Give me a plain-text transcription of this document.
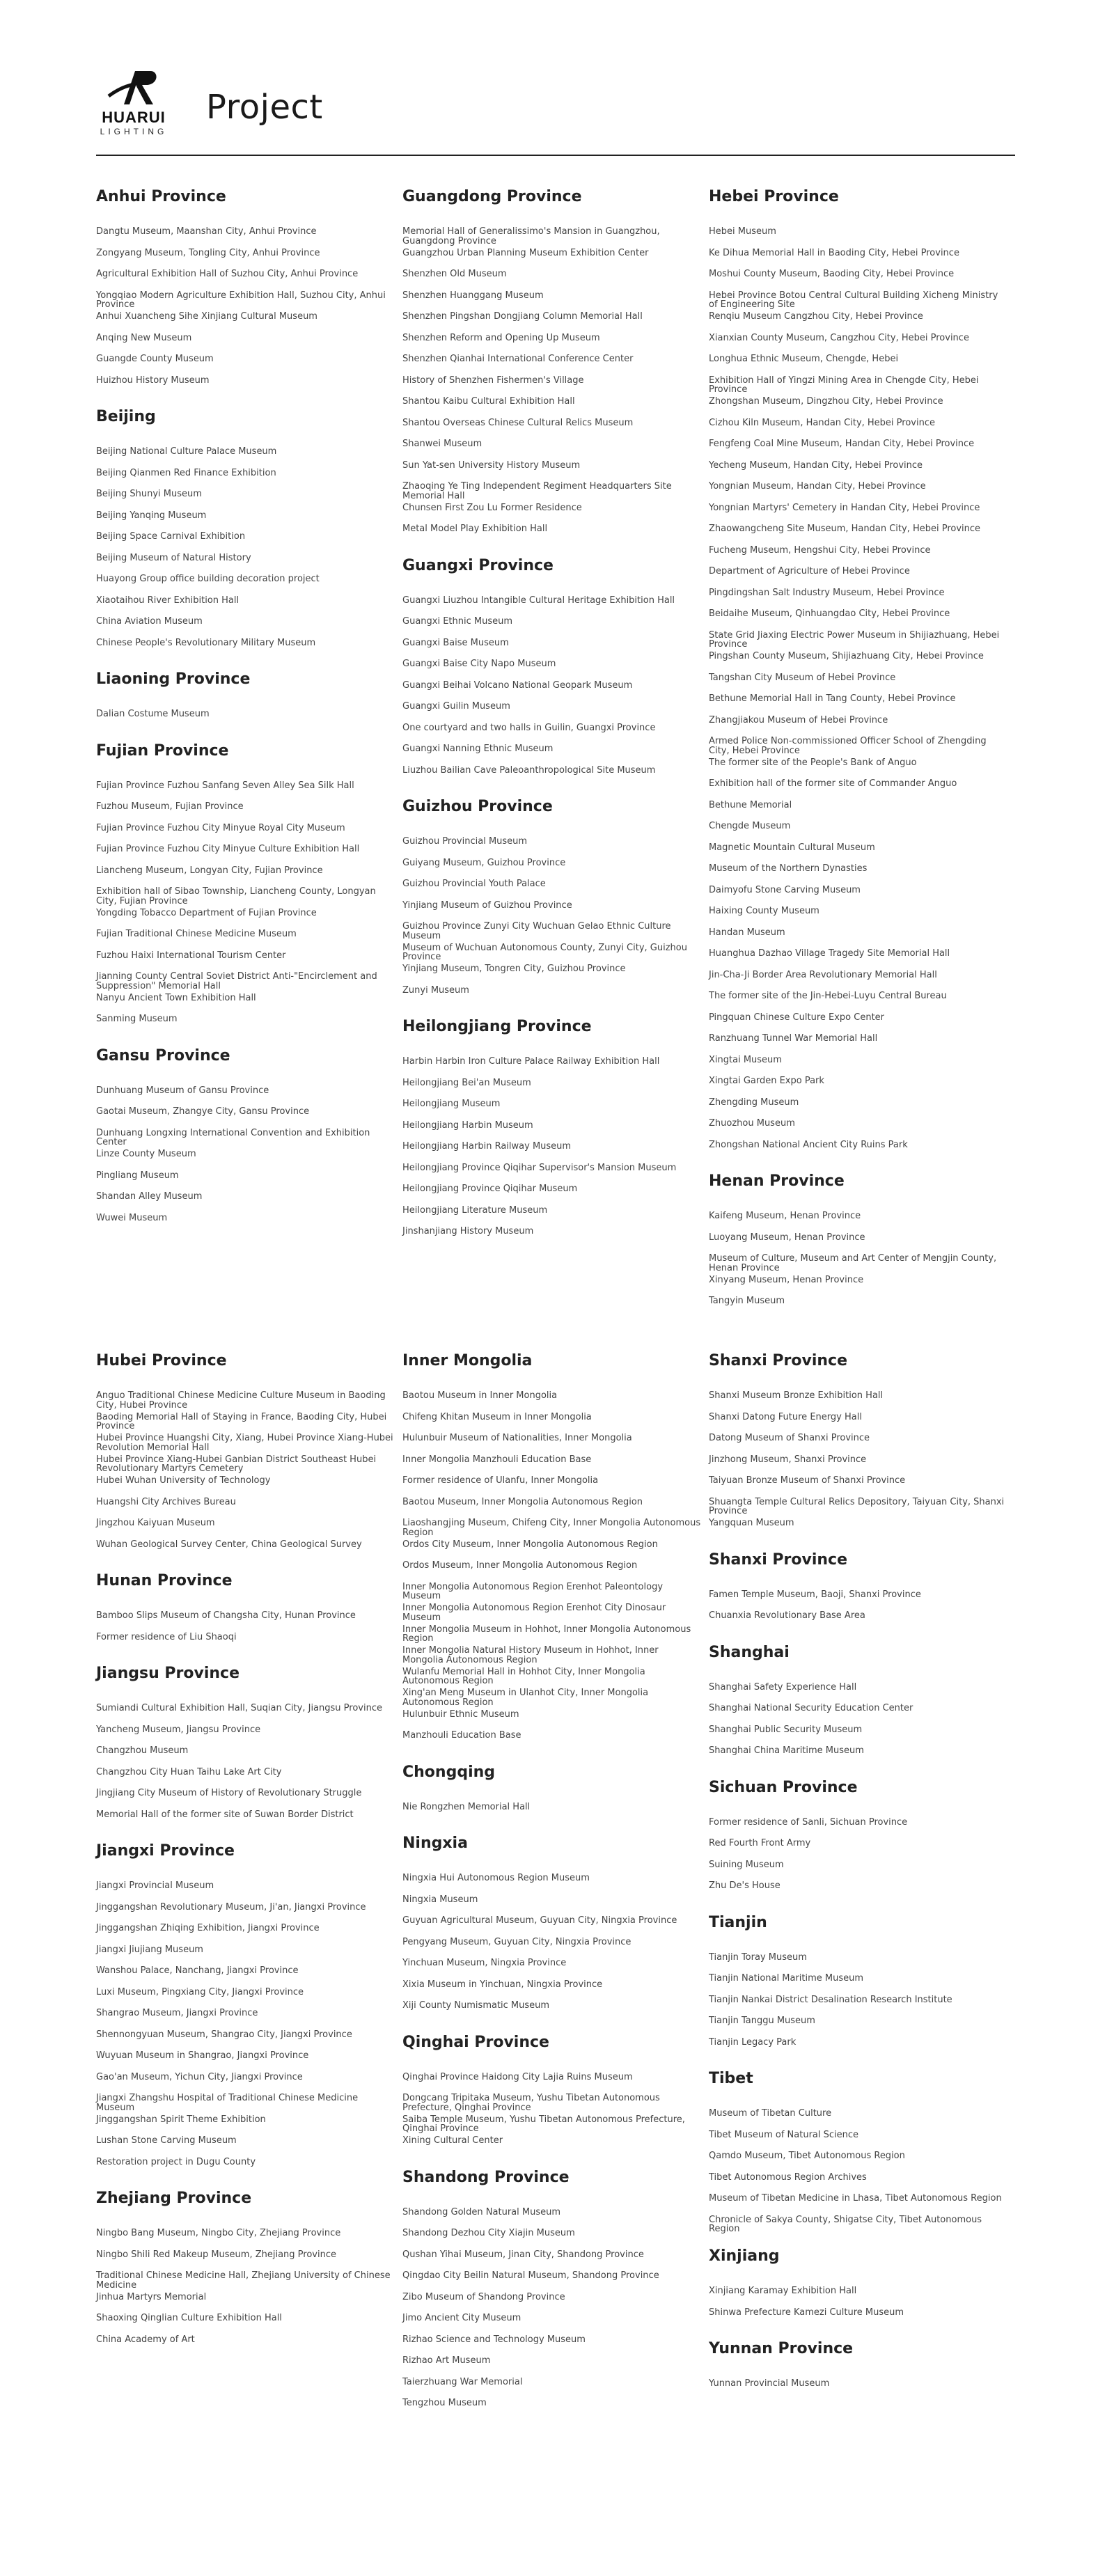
HUARUI
LIGHTING
Project
Anhui Province
Dangtu Museum, Maanshan City, Anhui Province
Zongyang Museum, Tongling City, Anhui Province
Agricultural Exhibition Hall of Suzhou City, Anhui Province
Yongqiao Modern Agriculture Exhibition Hall, Suzhou City, Anhui Province
Anhui Xuancheng Sihe Xinjiang Cultural Museum
Anqing New Museum
Guangde County Museum
Huizhou History Museum
Beijing
Beijing National Culture Palace Museum
Beijing Qianmen Red Finance Exhibition
Beijing Shunyi Museum
Beijing Yanqing Museum
Beijing Space Carnival Exhibition
Beijing Museum of Natural History
Huayong Group office building decoration project
Xiaotaihou River Exhibition Hall
China Aviation Museum
Chinese People's Revolutionary Military Museum
Liaoning Province
Dalian Costume Museum
Fujian Province
Fujian Province Fuzhou Sanfang Seven Alley Sea Silk Hall
Fuzhou Museum, Fujian Province
Fujian Province Fuzhou City Minyue Royal City Museum
Fujian Province Fuzhou City Minyue Culture Exhibition Hall
Liancheng Museum, Longyan City, Fujian Province
Exhibition hall of Sibao Township, Liancheng County, Longyan City, Fujian Province
Yongding Tobacco Department of Fujian Province
Fujian Traditional Chinese Medicine Museum
Fuzhou Haixi International Tourism Center
Jianning County Central Soviet District Anti-"Encirclement and Suppression" Memorial Hall
Nanyu Ancient Town Exhibition Hall
Sanming Museum
Gansu Province
Dunhuang Museum of Gansu Province
Gaotai Museum, Zhangye City, Gansu Province
Dunhuang Longxing International Convention and Exhibition Center
Linze County Museum
Pingliang Museum
Shandan Alley Museum
Wuwei Museum
Guangdong Province
Memorial Hall of Generalissimo's Mansion in Guangzhou, Guangdong Province
Guangzhou Urban Planning Museum Exhibition Center
Shenzhen Old Museum
Shenzhen Huanggang Museum
Shenzhen Pingshan Dongjiang Column Memorial Hall
Shenzhen Reform and Opening Up Museum
Shenzhen Qianhai International Conference Center
History of Shenzhen Fishermen's Village
Shantou Kaibu Cultural Exhibition Hall
Shantou Overseas Chinese Cultural Relics Museum
Shanwei Museum
Sun Yat-sen University History Museum
Zhaoqing Ye Ting Independent Regiment Headquarters Site Memorial Hall
Chunsen First Zou Lu Former Residence
Metal Model Play Exhibition Hall
Guangxi Province
Guangxi Liuzhou Intangible Cultural Heritage Exhibition Hall
Guangxi Ethnic Museum
Guangxi Baise Museum
Guangxi Baise City Napo Museum
Guangxi Beihai Volcano National Geopark Museum
Guangxi Guilin Museum
One courtyard and two halls in Guilin, Guangxi Province
Guangxi Nanning Ethnic Museum
Liuzhou Bailian Cave Paleoanthropological Site Museum
Guizhou Province
Guizhou Provincial Museum
Guiyang Museum, Guizhou Province
Guizhou Provincial Youth Palace
Yinjiang Museum of Guizhou Province
Guizhou Province Zunyi City Wuchuan Gelao Ethnic Culture Museum
Museum of Wuchuan Autonomous County, Zunyi City, Guizhou Province
Yinjiang Museum, Tongren City, Guizhou Province
Zunyi Museum
Heilongjiang Province
Harbin Harbin Iron Culture Palace Railway Exhibition Hall
Heilongjiang Bei'an Museum
Heilongjiang Museum
Heilongjiang Harbin Museum
Heilongjiang Harbin Railway Museum
Heilongjiang Province Qiqihar Supervisor's Mansion Museum
Heilongjiang Province Qiqihar Museum
Heilongjiang Literature Museum
Jinshanjiang History Museum
Hebei Province
Hebei Museum
Ke Dihua Memorial Hall in Baoding City, Hebei Province
Moshui County Museum, Baoding City, Hebei Province
Hebei Province Botou Central Cultural Building Xicheng Ministry of Engineering Site
Renqiu Museum Cangzhou City, Hebei Province
Xianxian County Museum, Cangzhou City, Hebei Province
Longhua Ethnic Museum, Chengde, Hebei
Exhibition Hall of Yingzi Mining Area in Chengde City, Hebei Province
Zhongshan Museum, Dingzhou City, Hebei Province
Cizhou Kiln Museum, Handan City, Hebei Province
Fengfeng Coal Mine Museum, Handan City, Hebei Province
Yecheng Museum, Handan City, Hebei Province
Yongnian Museum, Handan City, Hebei Province
Yongnian Martyrs' Cemetery in Handan City, Hebei Province
Zhaowangcheng Site Museum, Handan City, Hebei Province
Fucheng Museum, Hengshui City, Hebei Province
Department of Agriculture of Hebei Province
Pingdingshan Salt Industry Museum, Hebei Province
Beidaihe Museum, Qinhuangdao City, Hebei Province
State Grid Jiaxing Electric Power Museum in Shijiazhuang, Hebei Province
Pingshan County Museum, Shijiazhuang City, Hebei Province
Tangshan City Museum of Hebei Province
Bethune Memorial Hall in Tang County, Hebei Province
Zhangjiakou Museum of Hebei Province
Armed Police Non-commissioned Officer School of Zhengding City, Hebei Province
The former site of the People's Bank of Anguo
Exhibition hall of the former site of Commander Anguo
Bethune Memorial
Chengde Museum
Magnetic Mountain Cultural Museum
Museum of the Northern Dynasties
Daimyofu Stone Carving Museum
Haixing County Museum
Handan Museum
Huanghua Dazhao Village Tragedy Site Memorial Hall
Jin-Cha-Ji Border Area Revolutionary Memorial Hall
The former site of the Jin-Hebei-Luyu Central Bureau
Pingquan Chinese Culture Expo Center
Ranzhuang Tunnel War Memorial Hall
Xingtai Museum
Xingtai Garden Expo Park
Zhengding Museum
Zhuozhou Museum
Zhongshan National Ancient City Ruins Park
Henan Province
Kaifeng Museum, Henan Province
Luoyang Museum, Henan Province
Museum of Culture, Museum and Art Center of Mengjin County, Henan Province
Xinyang Museum, Henan Province
Tangyin Museum
Hubei Province
Anguo Traditional Chinese Medicine Culture Museum in Baoding City, Hubei Province
Baoding Memorial Hall of Staying in France, Baoding City, Hubei Province
Hubei Province Huangshi City, Xiang, Hubei Province Xiang-Hubei Revolution Memorial Hall
Hubei Province Xiang-Hubei Ganbian District Southeast Hubei Revolutionary Martyrs Cemetery
Hubei Wuhan University of Technology
Huangshi City Archives Bureau
Jingzhou Kaiyuan Museum
Wuhan Geological Survey Center, China Geological Survey
Hunan Province
Bamboo Slips Museum of Changsha City, Hunan Province
Former residence of Liu Shaoqi
Jiangsu Province
Sumiandi Cultural Exhibition Hall, Suqian City, Jiangsu Province
Yancheng Museum, Jiangsu Province
Changzhou Museum
Changzhou City Huan Taihu Lake Art City
Jingjiang City Museum of History of Revolutionary Struggle
Memorial Hall of the former site of Suwan Border District
Jiangxi Province
Jiangxi Provincial Museum
Jinggangshan Revolutionary Museum, Ji'an, Jiangxi Province
Jinggangshan Zhiqing Exhibition, Jiangxi Province
Jiangxi Jiujiang Museum
Wanshou Palace, Nanchang, Jiangxi Province
Luxi Museum, Pingxiang City, Jiangxi Province
Shangrao Museum, Jiangxi Province
Shennongyuan Museum, Shangrao City, Jiangxi Province
Wuyuan Museum in Shangrao, Jiangxi Province
Gao'an Museum, Yichun City, Jiangxi Province
Jiangxi Zhangshu Hospital of Traditional Chinese Medicine Museum
Jinggangshan Spirit Theme Exhibition
Lushan Stone Carving Museum
Restoration project in Dugu County
Zhejiang Province
Ningbo Bang Museum, Ningbo City, Zhejiang Province
Ningbo Shili Red Makeup Museum, Zhejiang Province
Traditional Chinese Medicine Hall, Zhejiang University of Chinese Medicine
Jinhua Martyrs Memorial
Shaoxing Qinglian Culture Exhibition Hall
China Academy of Art
Inner Mongolia
Baotou Museum in Inner Mongolia
Chifeng Khitan Museum in Inner Mongolia
Hulunbuir Museum of Nationalities, Inner Mongolia
Inner Mongolia Manzhouli Education Base
Former residence of Ulanfu, Inner Mongolia
Baotou Museum, Inner Mongolia Autonomous Region
Liaoshangjing Museum, Chifeng City, Inner Mongolia Autonomous Region
Ordos City Museum, Inner Mongolia Autonomous Region
Ordos Museum, Inner Mongolia Autonomous Region
Inner Mongolia Autonomous Region Erenhot Paleontology Museum
Inner Mongolia Autonomous Region Erenhot City Dinosaur Museum
Inner Mongolia Museum in Hohhot, Inner Mongolia Autonomous Region
Inner Mongolia Natural History Museum in Hohhot, Inner Mongolia Autonomous Region
Wulanfu Memorial Hall in Hohhot City, Inner Mongolia Autonomous Region
Xing'an Meng Museum in Ulanhot City, Inner Mongolia Autonomous Region
Hulunbuir Ethnic Museum
Manzhouli Education Base
Chongqing
Nie Rongzhen Memorial Hall
Ningxia
Ningxia Hui Autonomous Region Museum
Ningxia Museum
Guyuan Agricultural Museum, Guyuan City, Ningxia Province
Pengyang Museum, Guyuan City, Ningxia Province
Yinchuan Museum, Ningxia Province
Xixia Museum in Yinchuan, Ningxia Province
Xiji County Numismatic Museum
Qinghai Province
Qinghai Province Haidong City Lajia Ruins Museum
Dongcang Tripitaka Museum, Yushu Tibetan Autonomous Prefecture, Qinghai Province
Saiba Temple Museum, Yushu Tibetan Autonomous Prefecture, Qinghai Province
Xining Cultural Center
Shandong Province
Shandong Golden Natural Museum
Shandong Dezhou City Xiajin Museum
Qushan Yihai Museum, Jinan City, Shandong Province
Qingdao City Beilin Natural Museum, Shandong Province
Zibo Museum of Shandong Province
Jimo Ancient City Museum
Rizhao Science and Technology Museum
Rizhao Art Museum
Taierzhuang War Memorial
Tengzhou Museum
Shanxi Province
Shanxi Museum Bronze Exhibition Hall
Shanxi Datong Future Energy Hall
Datong Museum of Shanxi Province
Jinzhong Museum, Shanxi Province
Taiyuan Bronze Museum of Shanxi Province
Shuangta Temple Cultural Relics Depository, Taiyuan City, Shanxi Province
Yangquan Museum
Shanxi Province
Famen Temple Museum, Baoji, Shanxi Province
Chuanxia Revolutionary Base Area
Shanghai
Shanghai Safety Experience Hall
Shanghai National Security Education Center
Shanghai Public Security Museum
Shanghai China Maritime Museum
Sichuan Province
Former residence of Sanli, Sichuan Province
Red Fourth Front Army
Suining Museum
Zhu De's House
Tianjin
Tianjin Toray Museum
Tianjin National Maritime Museum
Tianjin Nankai District Desalination Research Institute
Tianjin Tanggu Museum
Tianjin Legacy Park
Tibet
Museum of Tibetan Culture
Tibet Museum of Natural Science
Qamdo Museum, Tibet Autonomous Region
Tibet Autonomous Region Archives
Museum of Tibetan Medicine in Lhasa, Tibet Autonomous Region
Chronicle of Sakya County, Shigatse City, Tibet Autonomous Region
Xinjiang
Xinjiang Karamay Exhibition Hall
Shinwa Prefecture Kamezi Culture Museum
Yunnan Province
Yunnan Provincial Museum
